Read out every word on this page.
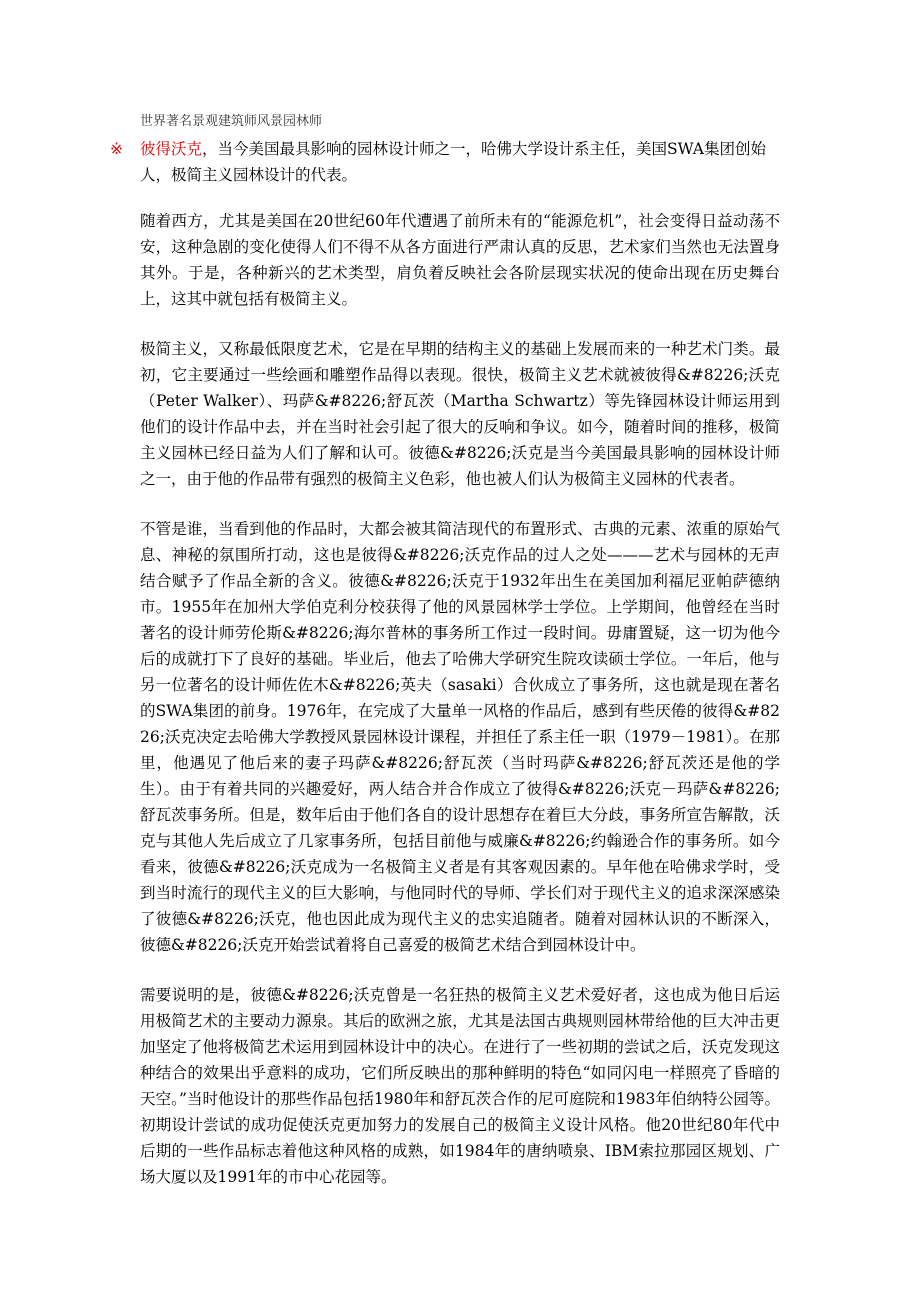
世界著名景观建筑师风景园林师

※ 彼得沃克，当今美国最具影响的园林设计师之一，哈佛大学设计系主任，美国SWA集团创始人，极简主义园林设计的代表。

随着西方，尤其是美国在20世纪60年代遭遇了前所未有的“能源危机”，社会变得日益动荡不安，这种急剧的变化使得人们不得不从各方面进行严肃认真的反思，艺术家们当然也无法置身其外。于是，各种新兴的艺术类型，肩负着反映社会各阶层现实状况的使命出现在历史舞台上，这其中就包括有极简主义。

极简主义，又称最低限度艺术，它是在早期的结构主义的基础上发展而来的一种艺术门类。最初，它主要通过一些绘画和雕塑作品得以表现。很快，极简主义艺术就被彼得&#8226;沃克（Peter Walker）、玛萨&#8226;舒瓦茨（Martha Schwartz）等先锋园林设计师运用到他们的设计作品中去，并在当时社会引起了很大的反响和争议。如今，随着时间的推移，极简主义园林已经日益为人们了解和认可。彼德&#8226;沃克是当今美国最具影响的园林设计师之一，由于他的作品带有强烈的极简主义色彩，他也被人们认为极简主义园林的代表者。

不管是谁，当看到他的作品时，大都会被其简洁现代的布置形式、古典的元素、浓重的原始气息、神秘的氛围所打动，这也是彼得&#8226;沃克作品的过人之处———艺术与园林的无声结合赋予了作品全新的含义。彼德&#8226;沃克于1932年出生在美国加利福尼亚帕萨德纳市。1955年在加州大学伯克利分校获得了他的风景园林学士学位。上学期间，他曾经在当时著名的设计师劳伦斯&#8226;海尔普林的事务所工作过一段时间。毋庸置疑，这一切为他今后的成就打下了良好的基础。毕业后，他去了哈佛大学研究生院攻读硕士学位。一年后，他与另一位著名的设计师佐佐木&#8226;英夫（sasaki）合伙成立了事务所，这也就是现在著名的SWA集团的前身。1976年，在完成了大量单一风格的作品后，感到有些厌倦的彼得&#8226;沃克决定去哈佛大学教授风景园林设计课程，并担任了系主任一职（1979－1981）。在那里，他遇见了他后来的妻子玛萨&#8226;舒瓦茨（当时玛萨&#8226;舒瓦茨还是他的学生）。由于有着共同的兴趣爱好，两人结合并合作成立了彼得&#8226;沃克－玛萨&#8226;舒瓦茨事务所。但是，数年后由于他们各自的设计思想存在着巨大分歧，事务所宣告解散，沃克与其他人先后成立了几家事务所，包括目前他与威廉&#8226;约翰逊合作的事务所。如今看来，彼德&#8226;沃克成为一名极简主义者是有其客观因素的。早年他在哈佛求学时，受到当时流行的现代主义的巨大影响，与他同时代的导师、学长们对于现代主义的追求深深感染了彼德&#8226;沃克，他也因此成为现代主义的忠实追随者。随着对园林认识的不断深入，彼德&#8226;沃克开始尝试着将自己喜爱的极简艺术结合到园林设计中。

需要说明的是，彼德&#8226;沃克曾是一名狂热的极简主义艺术爱好者，这也成为他日后运用极简艺术的主要动力源泉。其后的欧洲之旅，尤其是法国古典规则园林带给他的巨大冲击更加坚定了他将极简艺术运用到园林设计中的决心。在进行了一些初期的尝试之后，沃克发现这种结合的效果出乎意料的成功，它们所反映出的那种鲜明的特色“如同闪电一样照亮了昏暗的天空。”当时他设计的那些作品包括1980年和舒瓦茨合作的尼可庭院和1983年伯纳特公园等。初期设计尝试的成功促使沃克更加努力的发展自己的极简主义设计风格。他20世纪80年代中后期的一些作品标志着他这种风格的成熟，如1984年的唐纳喷泉、IBM索拉那园区规划、广场大厦以及1991年的市中心花园等。
